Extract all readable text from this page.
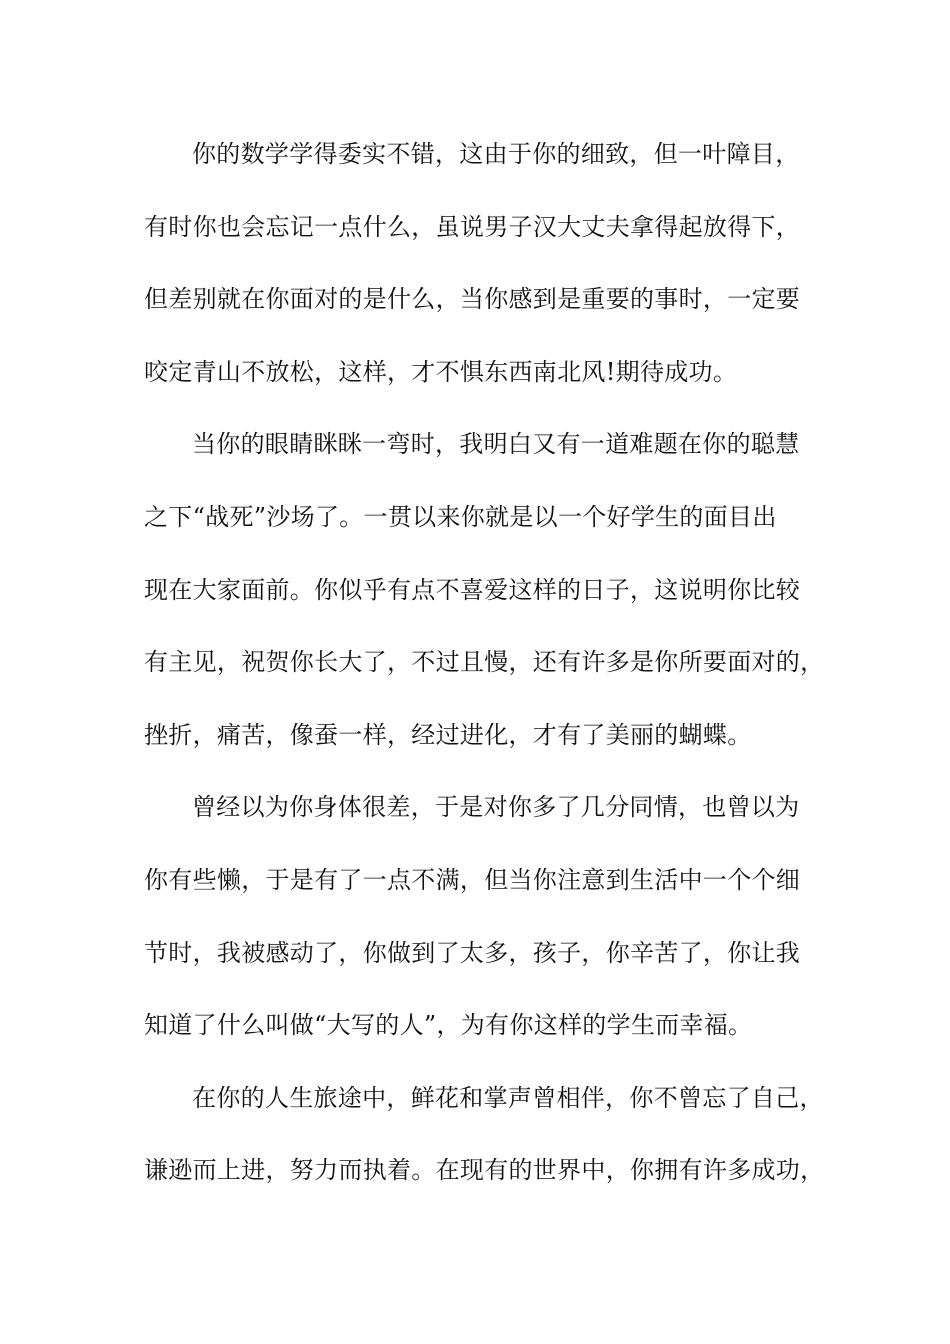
你的数学学得委实不错，这由于你的细致，但一叶障目，
有时你也会忘记一点什么，虽说男子汉大丈夫拿得起放得下，
但差别就在你面对的是什么，当你感到是重要的事时，一定要
咬定青山不放松，这样，才不惧东西南北风!期待成功。
当你的眼睛眯眯一弯时，我明白又有一道难题在你的聪慧
之下“战死”沙场了。一贯以来你就是以一个好学生的面目出
现在大家面前。你似乎有点不喜爱这样的日子，这说明你比较
有主见，祝贺你长大了，不过且慢，还有许多是你所要面对的，
挫折，痛苦，像蚕一样，经过进化，才有了美丽的蝴蝶。
曾经以为你身体很差，于是对你多了几分同情，也曾以为
你有些懒，于是有了一点不满，但当你注意到生活中一个个细
节时，我被感动了，你做到了太多，孩子，你辛苦了，你让我
知道了什么叫做“大写的人”，为有你这样的学生而幸福。
在你的人生旅途中，鲜花和掌声曾相伴，你不曾忘了自己，
谦逊而上进，努力而执着。在现有的世界中，你拥有许多成功，
